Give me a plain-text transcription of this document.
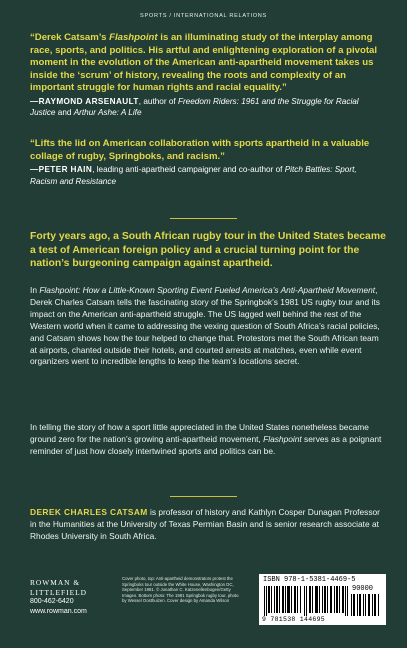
SPORTS / INTERNATIONAL RELATIONS
“Derek Catsam’s Flashpoint is an illuminating study of the interplay among race, sports, and politics. His artful and enlightening exploration of a pivotal moment in the evolution of the American anti-apartheid movement takes us inside the ‘scrum’ of history, revealing the roots and complexity of an important struggle for human rights and racial equality.”
—RAYMOND ARSENAULT, author of Freedom Riders: 1961 and the Struggle for Racial Justice and Arthur Ashe: A Life
“Lifts the lid on American collaboration with sports apartheid in a valuable collage of rugby, Springboks, and racism.”
—PETER HAIN, leading anti-apartheid campaigner and co-author of Pitch Battles: Sport, Racism and Resistance
Forty years ago, a South African rugby tour in the United States became a test of American foreign policy and a crucial turning point for the nation’s burgeoning campaign against apartheid.
In Flashpoint: How a Little-Known Sporting Event Fueled America’s Anti-Apartheid Movement, Derek Charles Catsam tells the fascinating story of the Springbok’s 1981 US rugby tour and its impact on the American anti-apartheid struggle. The US lagged well behind the rest of the Western world when it came to addressing the vexing question of South Africa’s racial policies, and Catsam shows how the tour helped to change that. Protestors met the South African team at airports, chanted outside their hotels, and courted arrests at matches, even while event organizers went to incredible lengths to keep the team’s locations secret.
In telling the story of how a sport little appreciated in the United States nonetheless became ground zero for the nation’s growing anti-apartheid movement, Flashpoint serves as a poignant reminder of just how closely intertwined sports and politics can be.
DEREK CHARLES CATSAM is professor of history and Kathlyn Cosper Dunagan Professor in the Humanities at the University of Texas Permian Basin and is senior research associate at Rhodes University in South Africa.
ROWMAN &
LITTLEFIELD
800-462-6420
www.rowman.com
Cover photo, top: Anti-apartheid demonstrators protest the Springboks tour outside the White House, Washington DC, September 1981. © Jonathan C. Katzenellenbogen/Getty Images. Bottom photo: The 1981 Springbok rugby tour, photo by Wessel Oosthuizen. Cover design by Amanda Wilson
ISBN 978-1-5381-4469-5
90000
9 781538 144695
